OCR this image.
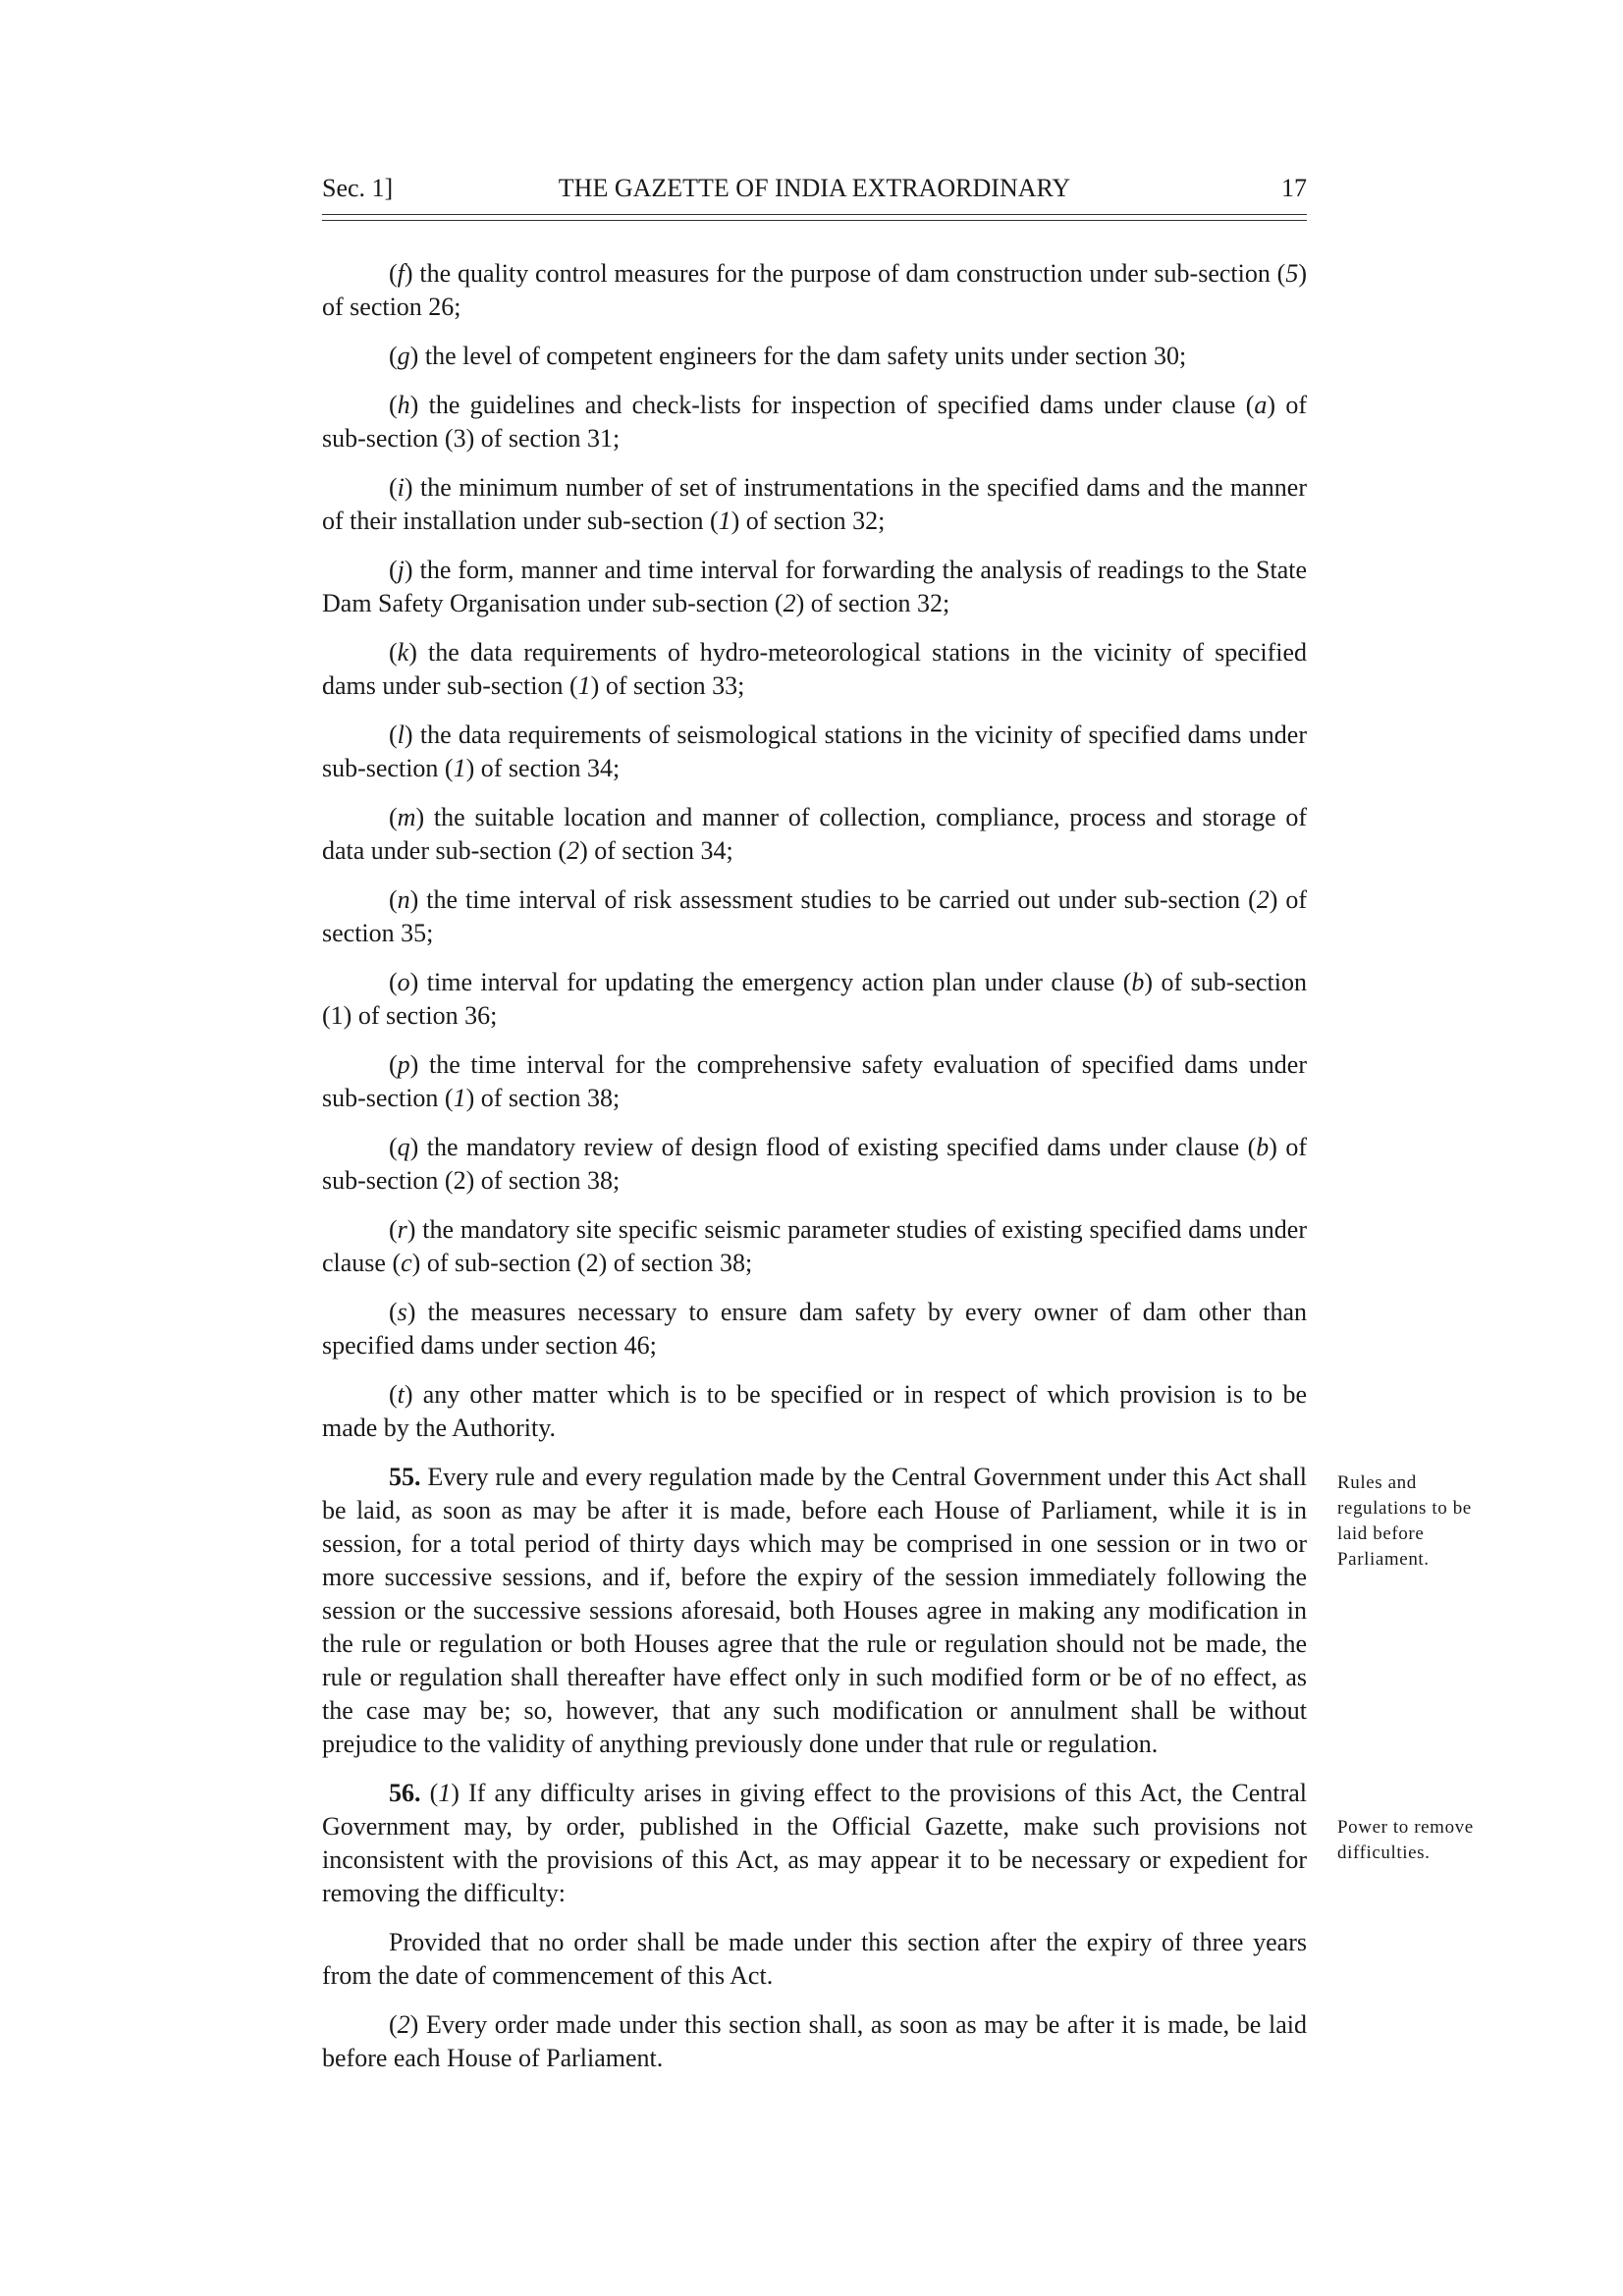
Sec. 1]	THE GAZETTE OF INDIA EXTRAORDINARY	17

(f) the quality control measures for the purpose of dam construction under sub-section (5) of section 26;

(g) the level of competent engineers for the dam safety units under section 30;

(h) the guidelines and check-lists for inspection of specified dams under clause (a) of sub-section (3) of section 31;

(i) the minimum number of set of instrumentations in the specified dams and the manner of their installation under sub-section (1) of section 32;

(j) the form, manner and time interval for forwarding the analysis of readings to the State Dam Safety Organisation under sub-section (2) of section 32;

(k) the data requirements of hydro-meteorological stations in the vicinity of specified dams under sub-section (1) of section 33;

(l) the data requirements of seismological stations in the vicinity of specified dams under sub-section (1) of section 34;

(m) the suitable location and manner of collection, compliance, process and storage of data under sub-section (2) of section 34;

(n) the time interval of risk assessment studies to be carried out under sub-section (2) of section 35;

(o) time interval for updating the emergency action plan under clause (b) of sub-section (1) of section 36;

(p) the time interval for the comprehensive safety evaluation of specified dams under sub-section (1) of section 38;

(q) the mandatory review of design flood of existing specified dams under clause (b) of sub-section (2) of section 38;

(r) the mandatory site specific seismic parameter studies of existing specified dams under clause (c) of sub-section (2) of section 38;

(s) the measures necessary to ensure dam safety by every owner of dam other than specified dams under section 46;

(t) any other matter which is to be specified or in respect of which provision is to be made by the Authority.

55. Every rule and every regulation made by the Central Government under this Act shall be laid, as soon as may be after it is made, before each House of Parliament, while it is in session, for a total period of thirty days which may be comprised in one session or in two or more successive sessions, and if, before the expiry of the session immediately following the session or the successive sessions aforesaid, both Houses agree in making any modification in the rule or regulation or both Houses agree that the rule or regulation should not be made, the rule or regulation shall thereafter have effect only in such modified form or be of no effect, as the case may be; so, however, that any such modification or annulment shall be without prejudice to the validity of anything previously done under that rule or regulation.

56. (1) If any difficulty arises in giving effect to the provisions of this Act, the Central Government may, by order, published in the Official Gazette, make such provisions not inconsistent with the provisions of this Act, as may appear it to be necessary or expedient for removing the difficulty:

Provided that no order shall be made under this section after the expiry of three years from the date of commencement of this Act.

(2) Every order made under this section shall, as soon as may be after it is made, be laid before each House of Parliament.

Rules and regulations to be laid before Parliament.
Power to remove difficulties.
